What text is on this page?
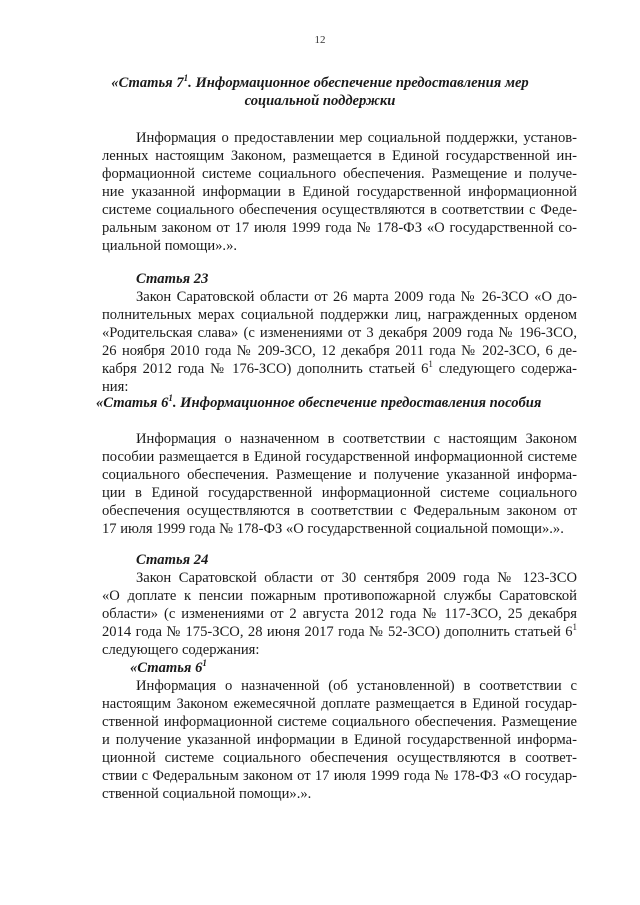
12
«Статья $7^1$. Информационное обеспечение предоставления мер
социальной поддержки
Информация о предоставлении мер социальной поддержки, установ-
ленных настоящим Законом, размещается в Единой государственной ин-
формационной системе социального обеспечения. Размещение и получе-
ние указанной информации в Единой государственной информационной
системе социального обеспечения осуществляются в соответствии с Феде-
ральным законом от 17 июля 1999 года № 178-ФЗ «О государственной со-
циальной помощи».».
Статья 23
Закон Саратовской области от 26 марта 2009 года № 26-ЗСО «О до-
полнительных мерах социальной поддержки лиц, награжденных орденом
«Родительская слава» (с изменениями от 3 декабря 2009 года № 196-ЗСО,
26 ноября 2010 года № 209-ЗСО, 12 декабря 2011 года № 202-ЗСО, 6 де-
кабря 2012 года № 176-ЗСО) дополнить статьей $6^1$ следующего содержа-
ния:
«Статья $6^1$. Информационное обеспечение предоставления пособия
Информация о назначенном в соответствии с настоящим Законом
пособии размещается в Единой государственной информационной системе
социального обеспечения. Размещение и получение указанной информа-
ции в Единой государственной информационной системе социального
обеспечения осуществляются в соответствии с Федеральным законом от
17 июля 1999 года № 178-ФЗ «О государственной социальной помощи».».
Статья 24
Закон Саратовской области от 30 сентября 2009 года № 123-ЗСО
«О доплате к пенсии пожарным противопожарной службы Саратовской
области» (с изменениями от 2 августа 2012 года № 117-ЗСО, 25 декабря
2014 года № 175-ЗСО, 28 июня 2017 года № 52-ЗСО) дополнить статьей $6^1$
следующего содержания:
«Статья $6^1$
Информация о назначенной (об установленной) в соответствии с
настоящим Законом ежемесячной доплате размещается в Единой государ-
ственной информационной системе социального обеспечения. Размещение
и получение указанной информации в Единой государственной информа-
ционной системе социального обеспечения осуществляются в соответ-
ствии с Федеральным законом от 17 июля 1999 года № 178-ФЗ «О государ-
ственной социальной помощи».».
